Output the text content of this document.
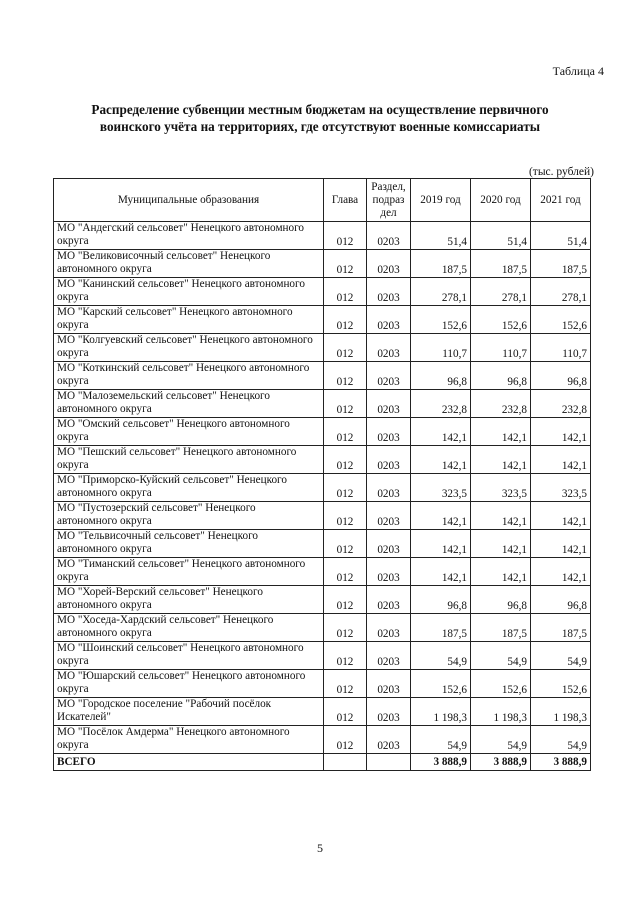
Таблица 4
Распределение субвенции местным бюджетам на осуществление первичного
воинского учёта на территориях, где отсутствуют военные комиссариаты
(тыс. рублей)
Муниципальные образования	Глава	Раздел,
подраз
дел	2019 год	2020 год	2021 год

МО "Андегский сельсовет" Ненецкого автономного
округа	012	0203	51,4	51,4	51,4

МО "Великовисочный сельсовет" Ненецкого
автономного округа	012	0203	187,5	187,5	187,5

МО "Канинский сельсовет" Ненецкого автономного
округа	012	0203	278,1	278,1	278,1

МО "Карский сельсовет" Ненецкого автономного
округа	012	0203	152,6	152,6	152,6

МО "Колгуевский сельсовет" Ненецкого автономного
округа	012	0203	110,7	110,7	110,7

МО "Коткинский сельсовет" Ненецкого автономного
округа	012	0203	96,8	96,8	96,8

МО "Малоземельский сельсовет" Ненецкого
автономного округа	012	0203	232,8	232,8	232,8

МО "Омский сельсовет" Ненецкого автономного
округа	012	0203	142,1	142,1	142,1

МО "Пешский сельсовет" Ненецкого автономного
округа	012	0203	142,1	142,1	142,1

МО "Приморско-Куйский сельсовет" Ненецкого
автономного округа	012	0203	323,5	323,5	323,5

МО "Пустозерский сельсовет" Ненецкого
автономного округа	012	0203	142,1	142,1	142,1

МО "Тельвисочный сельсовет" Ненецкого
автономного округа	012	0203	142,1	142,1	142,1

МО "Тиманский сельсовет" Ненецкого автономного
округа	012	0203	142,1	142,1	142,1

МО "Хорей-Верский сельсовет" Ненецкого
автономного округа	012	0203	96,8	96,8	96,8

МО "Хоседа-Хардский сельсовет" Ненецкого
автономного округа	012	0203	187,5	187,5	187,5

МО "Шоинский сельсовет" Ненецкого автономного
округа	012	0203	54,9	54,9	54,9

МО "Юшарский сельсовет" Ненецкого автономного
округа	012	0203	152,6	152,6	152,6

МО "Городское поселение "Рабочий посёлок
Искателей"	012	0203	1 198,3	1 198,3	1 198,3

МО "Посёлок Амдерма" Ненецкого автономного
округа	012	0203	54,9	54,9	54,9
ВСЕГО			3 888,9	3 888,9	3 888,9
5
